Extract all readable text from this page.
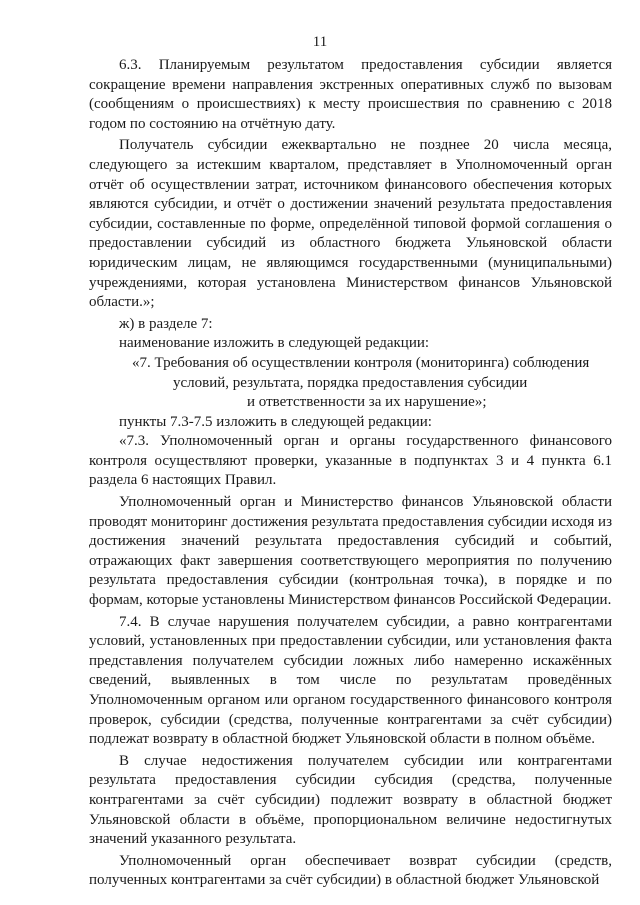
11

6.3. Планируемым результатом предоставления субсидии является сокращение времени направления экстренных оперативных служб по вызовам (сообщениям о происшествиях) к месту происшествия по сравнению с 2018 годом по состоянию на отчётную дату.

Получатель субсидии ежеквартально не позднее 20 числа месяца, следующего за истекшим кварталом, представляет в Уполномоченный орган отчёт об осуществлении затрат, источником финансового обеспечения которых являются субсидии, и отчёт о достижении значений результата предоставления субсидии, составленные по форме, определённой типовой формой соглашения о предоставлении субсидий из областного бюджета Ульяновской области юридическим лицам, не являющимся государственными (муниципальными) учреждениями, которая установлена Министерством финансов Ульяновской области.»;

ж) в разделе 7:

наименование изложить в следующей редакции:

«7. Требования об осуществлении контроля (мониторинга) соблюдения

условий, результата, порядка предоставления субсидии

и ответственности за их нарушение»;

пункты 7.3-7.5 изложить в следующей редакции:

«7.3. Уполномоченный орган и органы государственного финансового контроля осуществляют проверки, указанные в подпунктах 3 и 4 пункта 6.1 раздела 6 настоящих Правил.

Уполномоченный орган и Министерство финансов Ульяновской области проводят мониторинг достижения результата предоставления субсидии исходя из достижения значений результата предоставления субсидий и событий, отражающих факт завершения соответствующего мероприятия по получению результата предоставления субсидии (контрольная точка), в порядке и по формам, которые установлены Министерством финансов Российской Федерации.

7.4. В случае нарушения получателем субсидии, а равно контрагентами условий, установленных при предоставлении субсидии, или установления факта представления получателем субсидии ложных либо намеренно искажённых сведений, выявленных в том числе по результатам проведённых Уполномоченным органом или органом государственного финансового контроля проверок, субсидии (средства, полученные контрагентами за счёт субсидии) подлежат возврату в областной бюджет Ульяновской области в полном объёме.

В случае недостижения получателем субсидии или контрагентами результата предоставления субсидии субсидия (средства, полученные контрагентами за счёт субсидии) подлежит возврату в областной бюджет Ульяновской области в объёме, пропорциональном величине недостигнутых значений указанного результата.

Уполномоченный орган обеспечивает возврат субсидии (средств, полученных контрагентами за счёт субсидии) в областной бюджет Ульяновской
